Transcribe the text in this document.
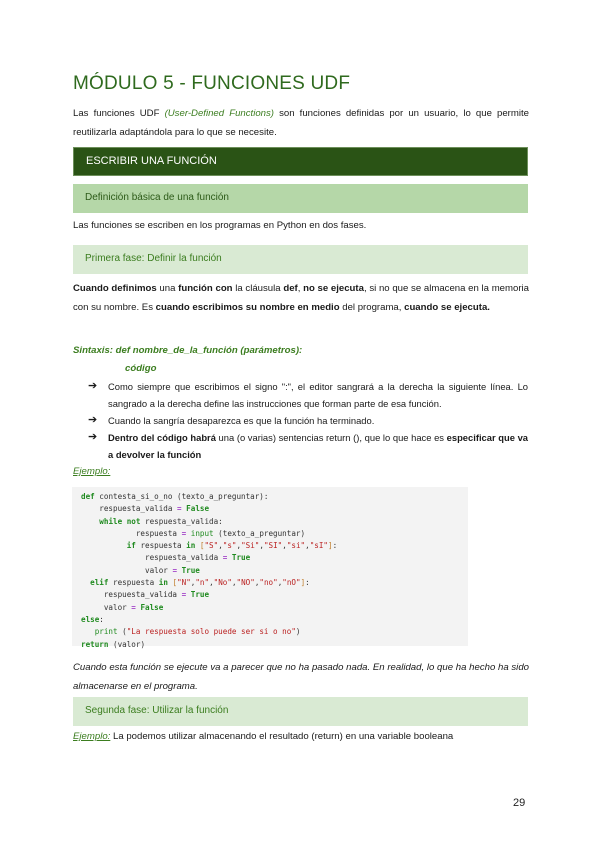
MÓDULO 5 - FUNCIONES UDF

Las funciones UDF (User-Defined Functions) son funciones definidas por un usuario, lo que permite reutilizarla adaptándola para lo que se necesite.

ESCRIBIR UNA FUNCIÓN
Definición básica de una función

Las funciones se escriben en los programas en Python en dos fases.

Primera fase: Definir la función

Cuando definimos una función con la cláusula def, no se ejecuta, si no que se almacena en la memoria con su nombre. Es cuando escribimos su nombre en medio del programa, cuando se ejecuta.

Sintaxis: def nombre_de_la_función (parámetros):
código
➔ Como siempre que escribimos el signo ":", el editor sangrará a la derecha la siguiente línea. Lo sangrado a la derecha define las instrucciones que forman parte de esa función.
➔ Cuando la sangría desaparezca es que la función ha terminado.
➔ Dentro del código habrá una (o varias) sentencias return (), que lo que hace es especificar que va a devolver la función
Ejemplo:
def contesta_si_o_no (texto_a_preguntar):
respuesta_valida = False
while not respuesta_valida:
respuesta = input (texto_a_preguntar)
if respuesta in ["S","s","Si","SI","si","sI"]:
respuesta_valida = True
valor = True
elif respuesta in ["N","n","No","NO","no","nO"]:
respuesta_valida = True
valor = False
else:
print ("La respuesta solo puede ser si o no")
return (valor)

Cuando esta función se ejecute va a parecer que no ha pasado nada. En realidad, lo que ha hecho ha sido almacenarse en el programa.

Segunda fase: Utilizar la función

Ejemplo: La podemos utilizar almacenando el resultado (return) en una variable booleana

29
